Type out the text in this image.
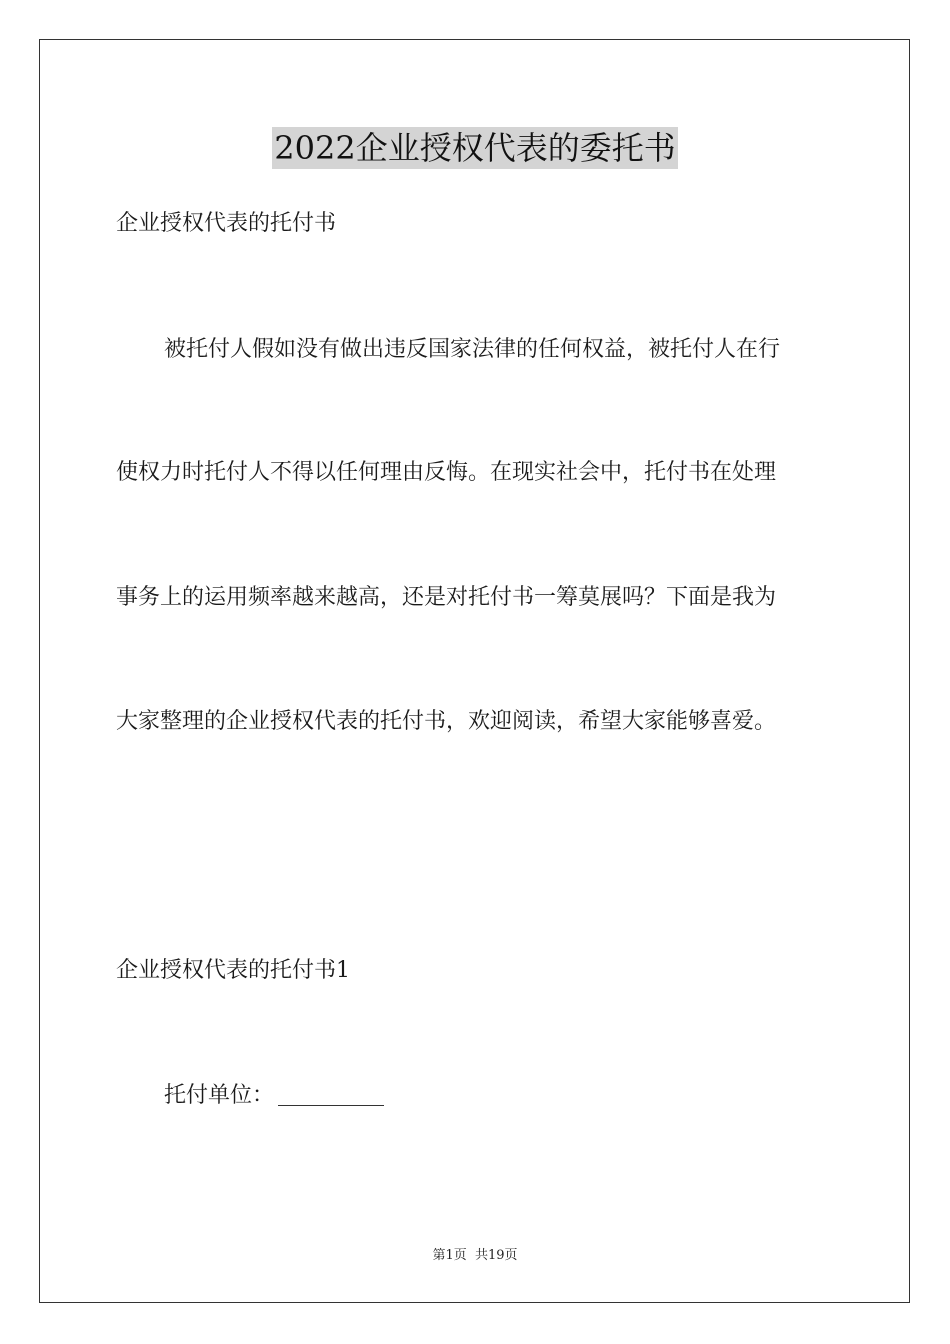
2022企业授权代表的委托书
企业授权代表的托付书
被托付人假如没有做出违反国家法律的任何权益，被托付人在行
使权力时托付人不得以任何理由反悔。在现实社会中，托付书在处理
事务上的运用频率越来越高，还是对托付书一筹莫展吗？下面是我为
大家整理的企业授权代表的托付书，欢迎阅读，希望大家能够喜爱。
企业授权代表的托付书1
托付单位：
第1页 共19页
